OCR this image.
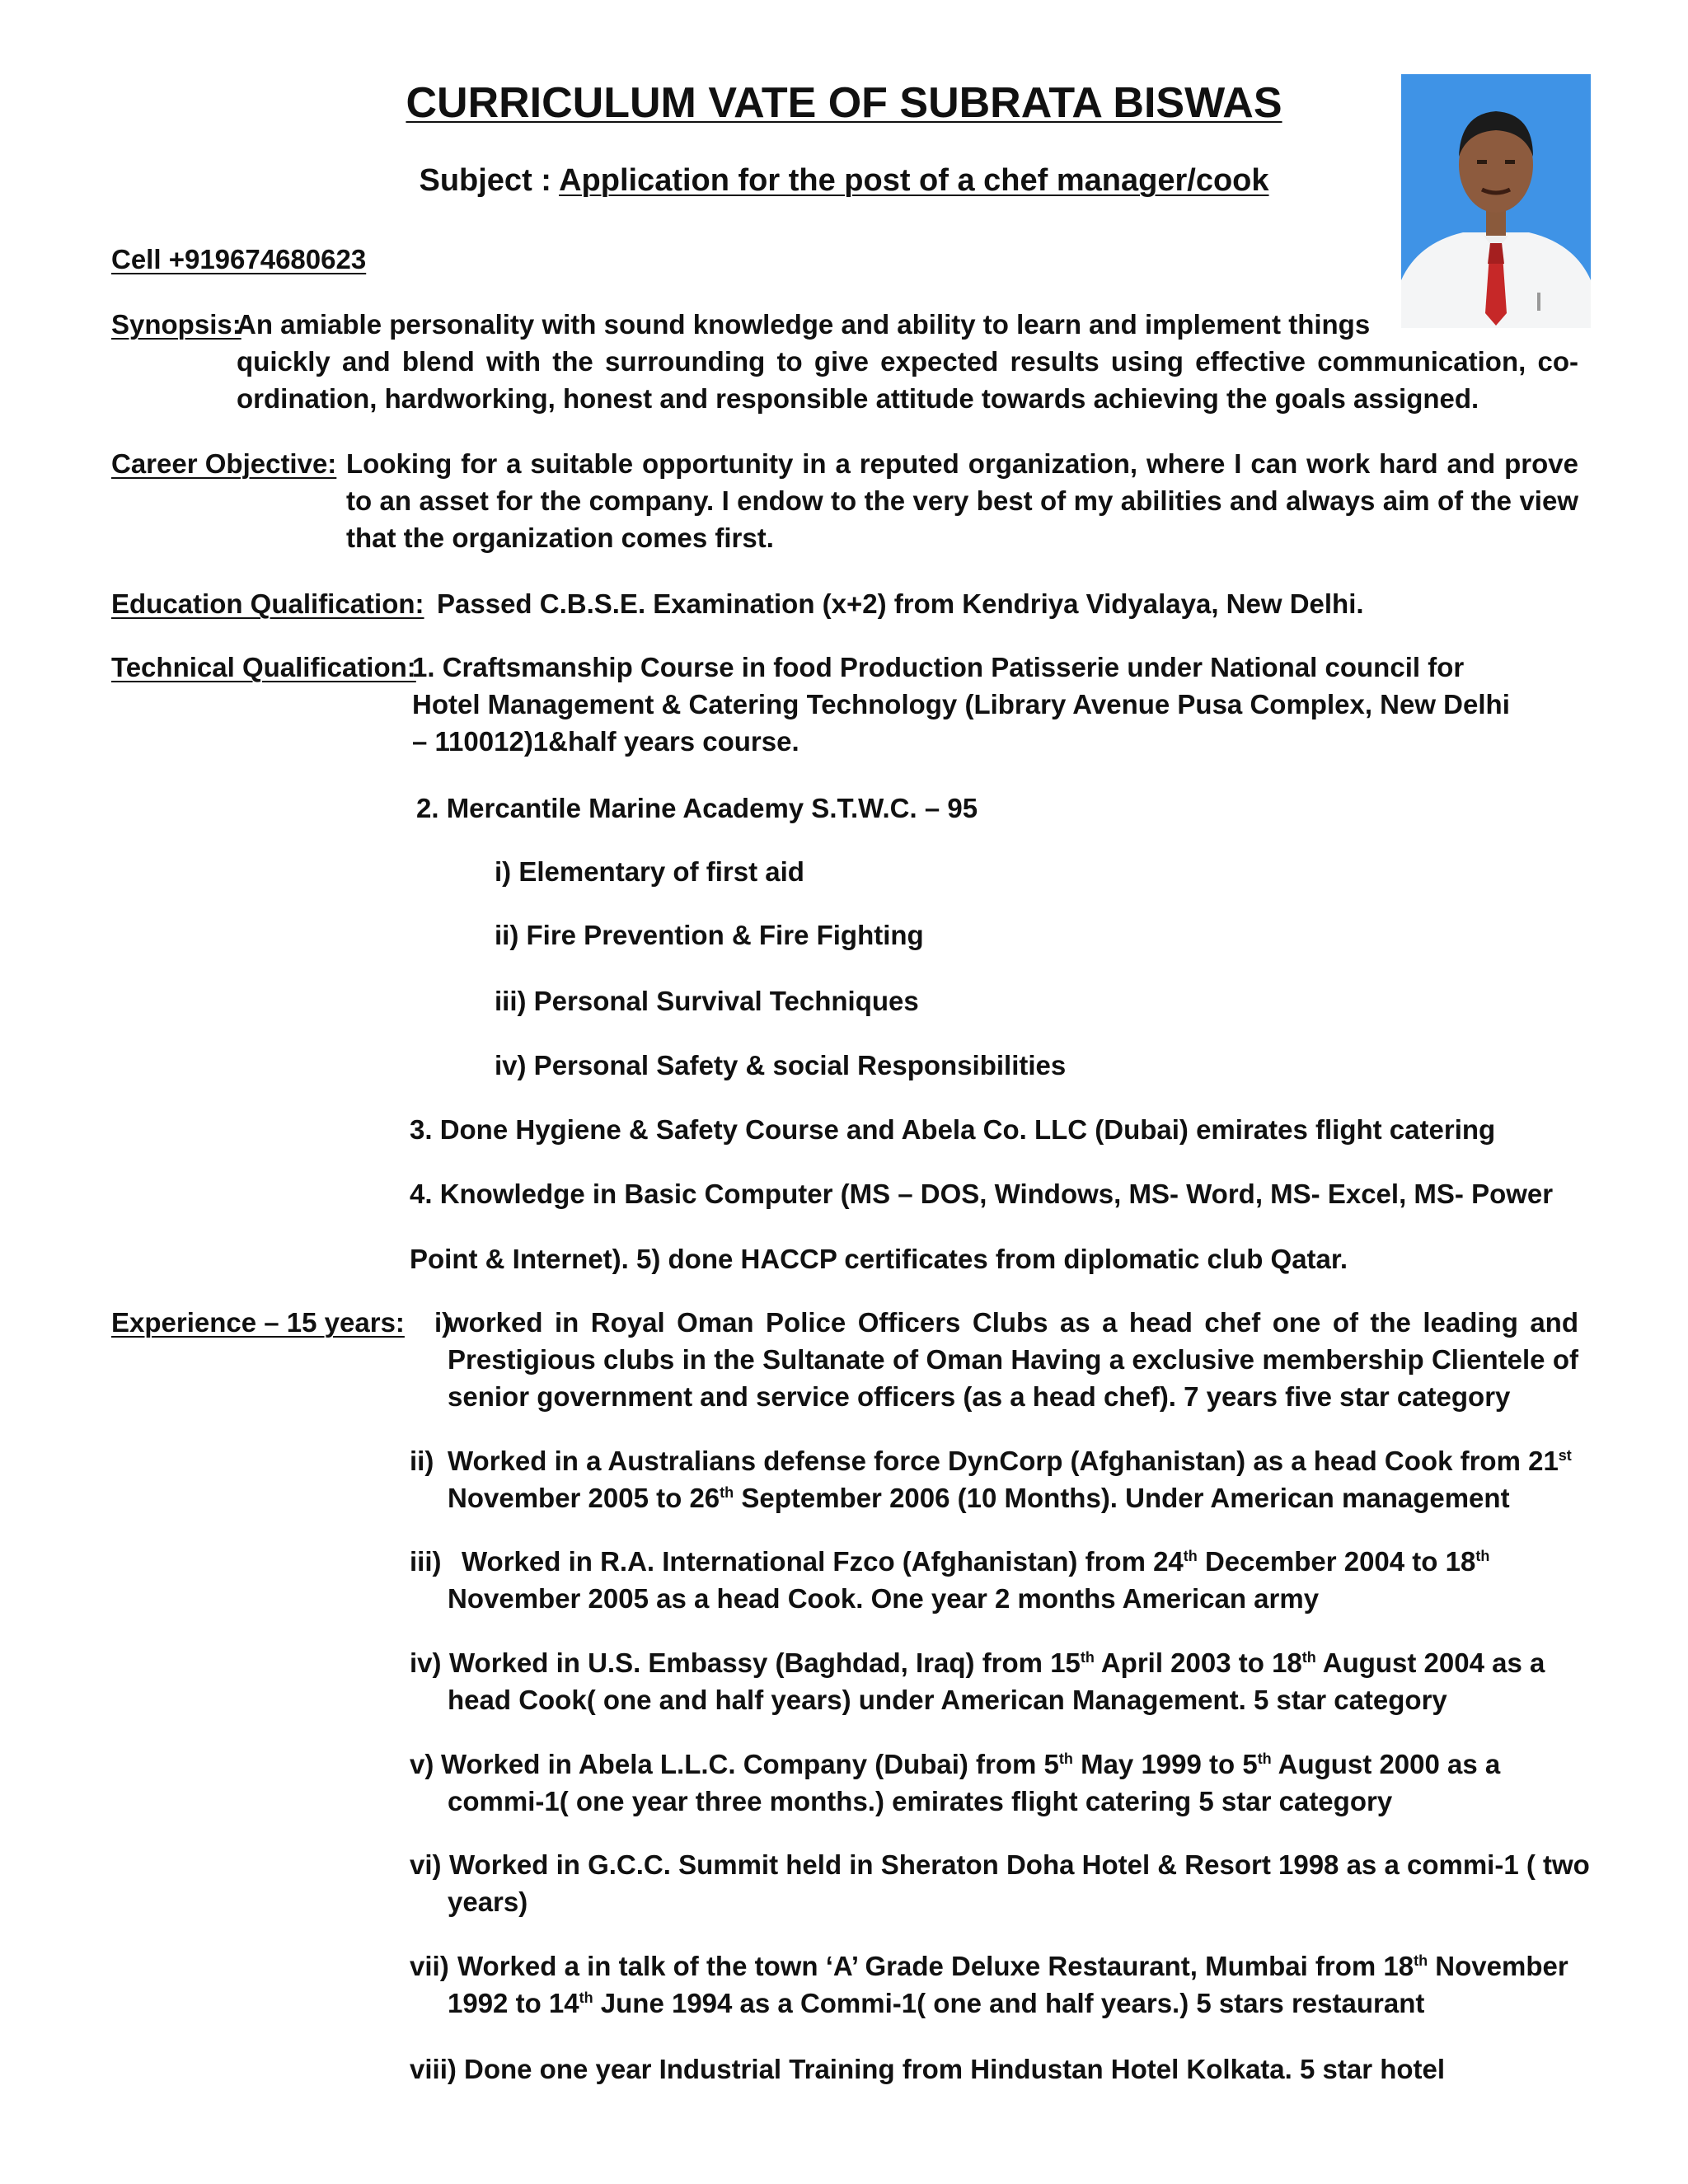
CURRICULUM VATE OF SUBRATA BISWAS
Subject : Application for the post of a chef manager/cook
Cell +919674680623
Synopsis:
An amiable personality with sound knowledge and ability to learn and implement things
quickly and blend with the surrounding to give expected results using effective communication, co-ordination, hardworking, honest and responsible attitude towards achieving the goals assigned.
Career Objective: Looking for a suitable opportunity in a reputed organization, where I can work hard and prove to an asset for the company. I endow to the very best of my abilities and always aim of the view that the organization comes first.
Education Qualification: Passed C.B.S.E. Examination (x+2) from Kendriya Vidyalaya, New Delhi.
Technical Qualification:
1. Craftsmanship Course in food Production Patisserie under National council for Hotel Management & Catering Technology (Library Avenue Pusa Complex, New Delhi – 110012)1&half years course.
2. Mercantile Marine Academy S.T.W.C. – 95
i) Elementary of first aid
ii) Fire Prevention & Fire Fighting
iii) Personal Survival Techniques
iv) Personal Safety & social Responsibilities
3. Done Hygiene & Safety Course and Abela Co. LLC (Dubai) emirates flight catering
4. Knowledge in Basic Computer (MS – DOS, Windows, MS- Word, MS- Excel, MS- Power
Point & Internet). 5) done HACCP certificates from diplomatic club Qatar.
Experience – 15 years: i)
worked in Royal Oman Police Officers Clubs as a head chef one of the leading and Prestigious clubs in the Sultanate of Oman Having a exclusive membership Clientele of senior government and service officers (as a head chef). 7 years five star category
ii) Worked in a Australians defense force DynCorp (Afghanistan) as a head Cook from 21st
November 2005 to 26th September 2006 (10 Months). Under American management
iii) Worked in R.A. International Fzco (Afghanistan) from 24th December 2004 to 18th
November 2005 as a head Cook. One year 2 months American army
iv) Worked in U.S. Embassy (Baghdad, Iraq) from 15th April 2003 to 18th August 2004 as a
head Cook( one and half years) under American Management. 5 star category
v) Worked in Abela L.L.C. Company (Dubai) from 5th May 1999 to 5th August 2000 as a
commi-1( one year three months.) emirates flight catering 5 star category
vi) Worked in G.C.C. Summit held in Sheraton Doha Hotel & Resort 1998 as a commi-1 ( two
years)
vii) Worked a in talk of the town ‘A’ Grade Deluxe Restaurant, Mumbai from 18th November
1992 to 14th June 1994 as a Commi-1( one and half years.) 5 stars restaurant
viii) Done one year Industrial Training from Hindustan Hotel Kolkata. 5 star hotel
